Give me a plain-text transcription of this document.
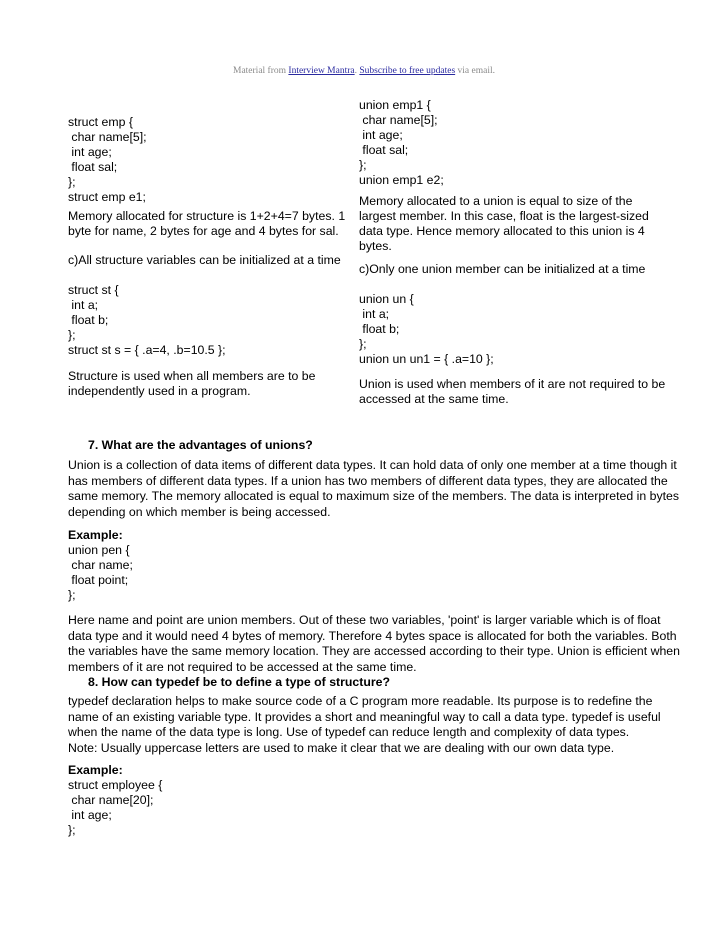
Material from Interview Mantra. Subscribe to free updates via email.
struct emp {
char name[5];
int age;
float sal;
};
struct emp e1;
Memory allocated for structure is 1+2+4=7 bytes. 1
byte for name, 2 bytes for age and 4 bytes for sal.
c)All structure variables can be initialized at a time
struct st {
int a;
float b;
};
struct st s = { .a=4, .b=10.5 };
Structure is used when all members are to be
independently used in a program.
union emp1 {
char name[5];
int age;
float sal;
};
union emp1 e2;
Memory allocated to a union is equal to size of the
largest member. In this case, float is the largest-sized
data type. Hence memory allocated to this union is 4
bytes.
c)Only one union member can be initialized at a time
union un {
int a;
float b;
};
union un un1 = { .a=10 };
Union is used when members of it are not required to be
accessed at the same time.
7. What are the advantages of unions?
Union is a collection of data items of different data types. It can hold data of only one member at a time though it
has members of different data types. If a union has two members of different data types, they are allocated the
same memory. The memory allocated is equal to maximum size of the members. The data is interpreted in bytes
depending on which member is being accessed.
Example:
union pen {
char name;
float point;
};
Here name and point are union members. Out of these two variables, 'point' is larger variable which is of float
data type and it would need 4 bytes of memory. Therefore 4 bytes space is allocated for both the variables. Both
the variables have the same memory location. They are accessed according to their type. Union is efficient when
members of it are not required to be accessed at the same time.
8. How can typedef be to define a type of structure?
typedef declaration helps to make source code of a C program more readable. Its purpose is to redefine the
name of an existing variable type. It provides a short and meaningful way to call a data type. typedef is useful
when the name of the data type is long. Use of typedef can reduce length and complexity of data types.
Note: Usually uppercase letters are used to make it clear that we are dealing with our own data type.
Example:
struct employee {
char name[20];
int age;
};
